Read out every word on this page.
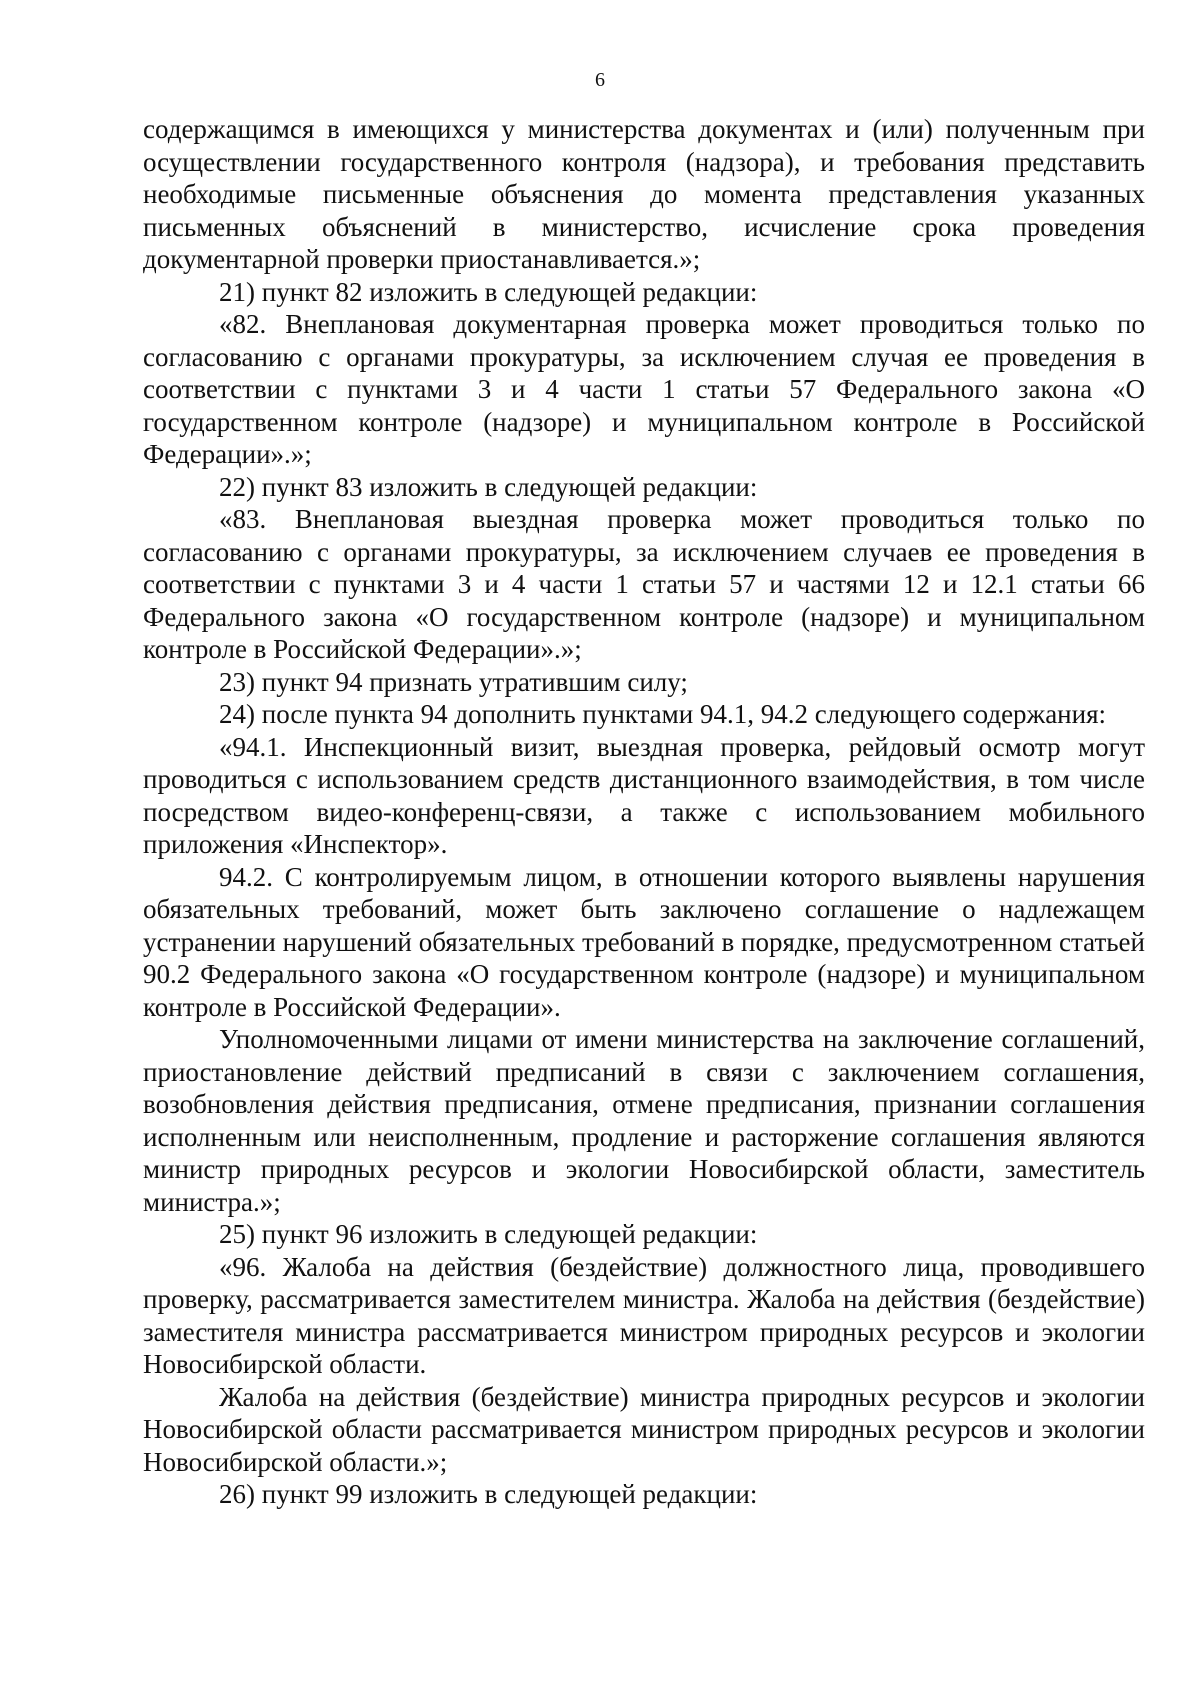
6

содержащимся в имеющихся у министерства документах и (или) полученным при осуществлении государственного контроля (надзора), и требования представить необходимые письменные объяснения до момента представления указанных письменных объяснений в министерство, исчисление срока проведения документарной проверки приостанавливается.»;

21) пункт 82 изложить в следующей редакции:

«82. Внеплановая документарная проверка может проводиться только по согласованию с органами прокуратуры, за исключением случая ее проведения в соответствии с пунктами 3 и 4 части 1 статьи 57 Федерального закона «О государственном контроле (надзоре) и муниципальном контроле в Российской Федерации».»;

22) пункт 83 изложить в следующей редакции:

«83. Внеплановая выездная проверка может проводиться только по согласованию с органами прокуратуры, за исключением случаев ее проведения в соответствии с пунктами 3 и 4 части 1 статьи 57 и частями 12 и 12.1 статьи 66 Федерального закона «О государственном контроле (надзоре) и муниципальном контроле в Российской Федерации».»;

23) пункт 94 признать утратившим силу;

24) после пункта 94 дополнить пунктами 94.1, 94.2 следующего содержания:

«94.1. Инспекционный визит, выездная проверка, рейдовый осмотр могут проводиться с использованием средств дистанционного взаимодействия, в том числе посредством видео-конференц-связи, а также с использованием мобильного приложения «Инспектор».

94.2. С контролируемым лицом, в отношении которого выявлены нарушения обязательных требований, может быть заключено соглашение о надлежащем устранении нарушений обязательных требований в порядке, предусмотренном статьей 90.2 Федерального закона «О государственном контроле (надзоре) и муниципальном контроле в Российской Федерации».

Уполномоченными лицами от имени министерства на заключение соглашений, приостановление действий предписаний в связи с заключением соглашения, возобновления действия предписания, отмене предписания, признании соглашения исполненным или неисполненным, продление и расторжение соглашения являются министр природных ресурсов и экологии Новосибирской области, заместитель министра.»;

25) пункт 96 изложить в следующей редакции:

«96. Жалоба на действия (бездействие) должностного лица, проводившего проверку, рассматривается заместителем министра. Жалоба на действия (бездействие) заместителя министра рассматривается министром природных ресурсов и экологии Новосибирской области.

Жалоба на действия (бездействие) министра природных ресурсов и экологии Новосибирской области рассматривается министром природных ресурсов и экологии Новосибирской области.»;

26) пункт 99 изложить в следующей редакции:
